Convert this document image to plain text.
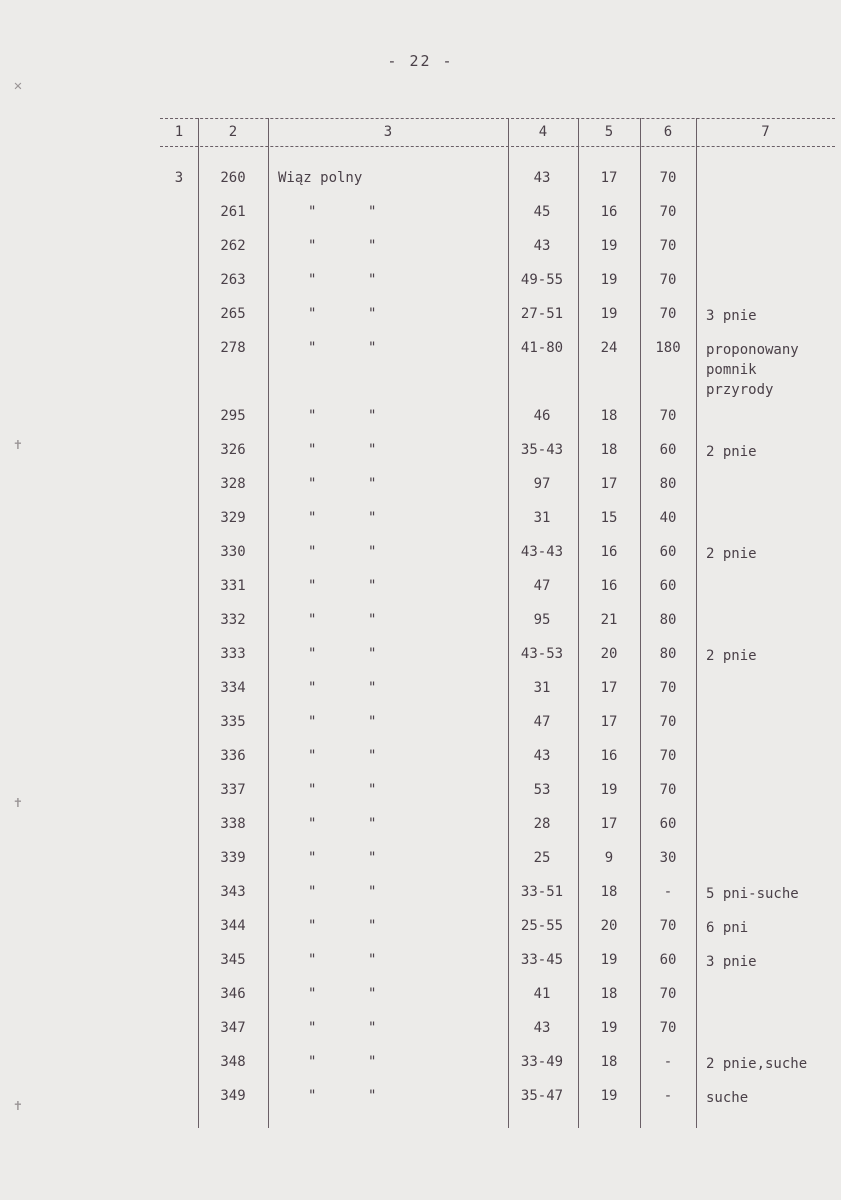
- 22 -
✕
✝
✝
✝
1	2	3	4	5	6	7
3	260	Wiąz polny	43	17	70
261	"	"	45	16	70
262	"	"	43	19	70
263	"	"	49-55	19	70
265	"	"	27-51	19	70	3 pnie
278	"	"	41-80	24	180	proponowany
pomnik
przyrody
295	"	"	46	18	70
326	"	"	35-43	18	60	2 pnie
328	"	"	97	17	80
329	"	"	31	15	40
330	"	"	43-43	16	60	2 pnie
331	"	"	47	16	60
332	"	"	95	21	80
333	"	"	43-53	20	80	2 pnie
334	"	"	31	17	70
335	"	"	47	17	70
336	"	"	43	16	70
337	"	"	53	19	70
338	"	"	28	17	60
339	"	"	25	9	30
343	"	"	33-51	18	-	5 pni-suche
344	"	"	25-55	20	70	6 pni
345	"	"	33-45	19	60	3 pnie
346	"	"	41	18	70
347	"	"	43	19	70
348	"	"	33-49	18	-	2 pnie,suche
349	"	"	35-47	19	-	suche
